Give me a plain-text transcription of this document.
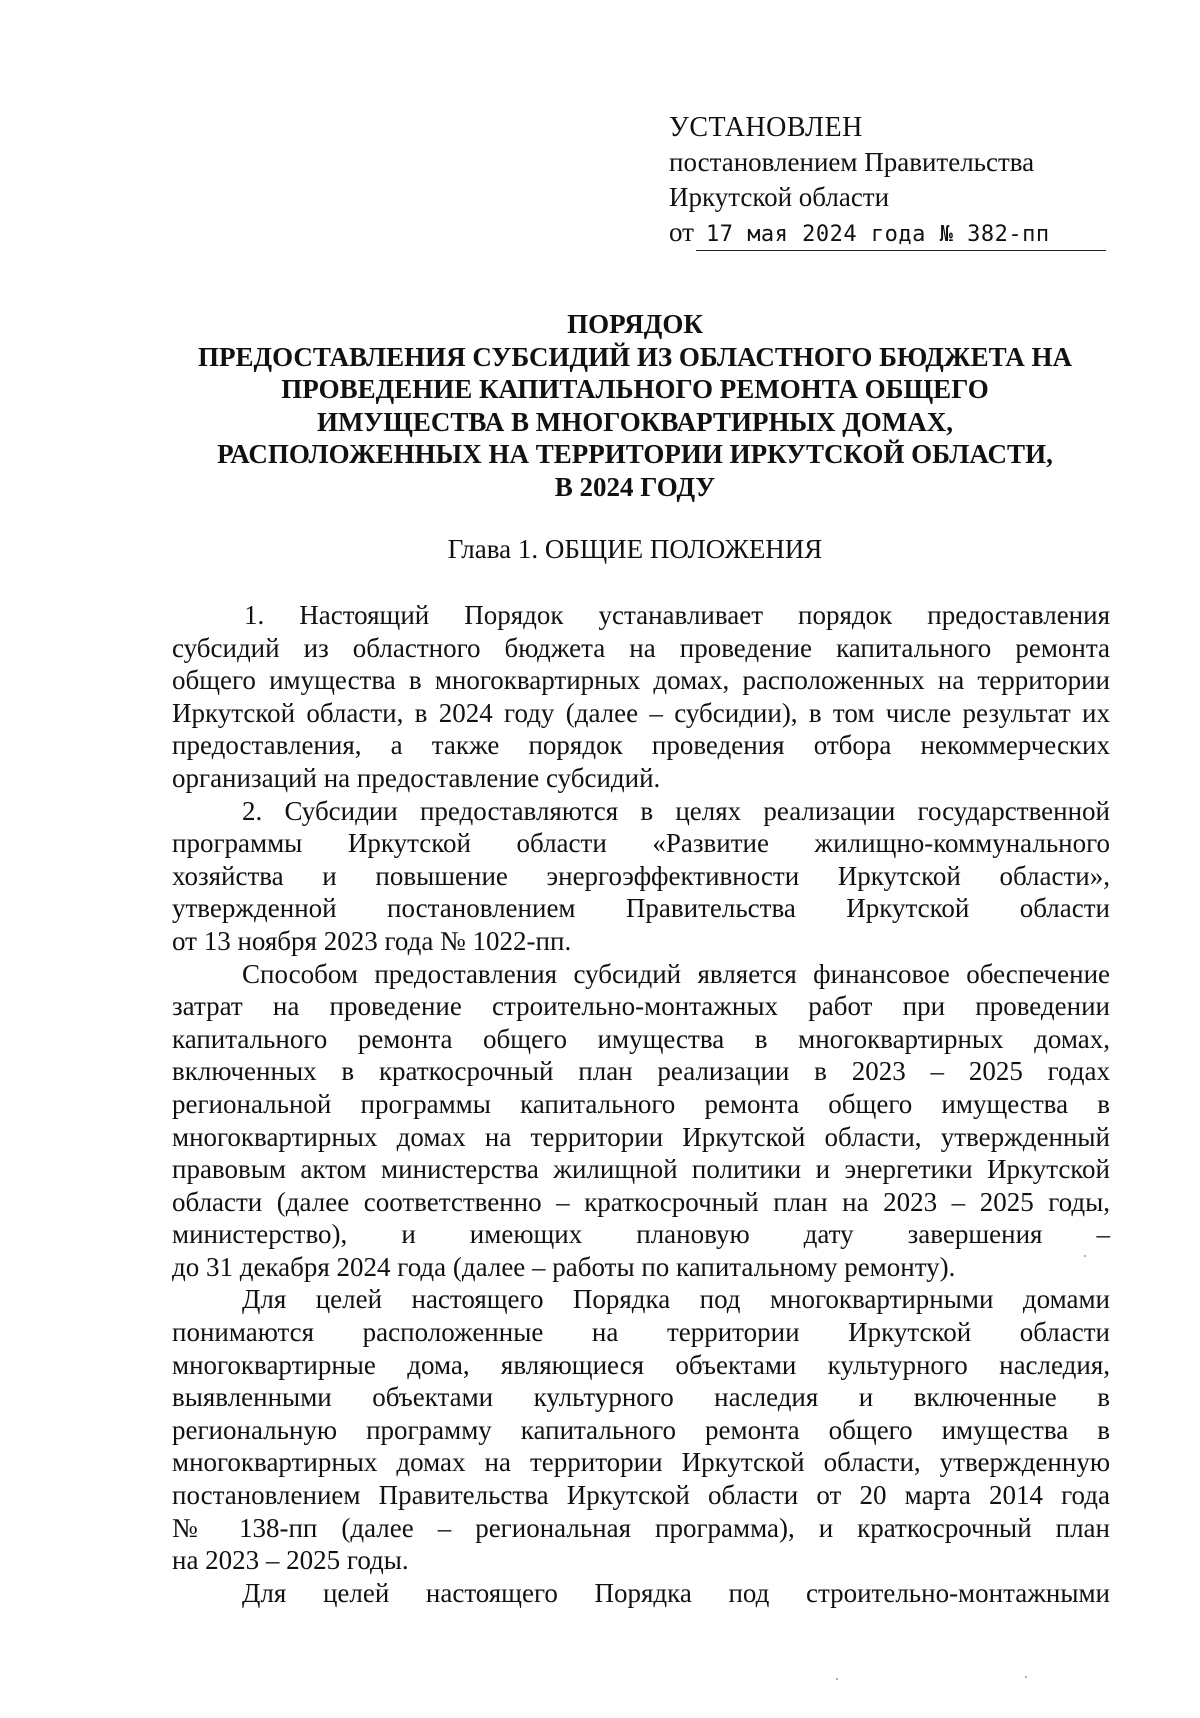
УСТАНОВЛЕН
постановлением Правительства
Иркутской области
от 17 мая 2024 года № 382-пп
ПОРЯДОК
ПРЕДОСТАВЛЕНИЯ СУБСИДИЙ ИЗ ОБЛАСТНОГО БЮДЖЕТА НА
ПРОВЕДЕНИЕ КАПИТАЛЬНОГО РЕМОНТА ОБЩЕГО
ИМУЩЕСТВА В МНОГОКВАРТИРНЫХ ДОМАХ,
РАСПОЛОЖЕННЫХ НА ТЕРРИТОРИИ ИРКУТСКОЙ ОБЛАСТИ,
В 2024 ГОДУ
Глава 1. ОБЩИЕ ПОЛОЖЕНИЯ
1. Настоящий Порядок устанавливает порядок предоставления
субсидий из областного бюджета на проведение капитального ремонта
общего имущества в многоквартирных домах, расположенных на территории
Иркутской области, в 2024 году (далее – субсидии), в том числе результат их
предоставления, а также порядок проведения отбора некоммерческих
организаций на предоставление субсидий.
2. Субсидии предоставляются в целях реализации государственной
программы Иркутской области «Развитие жилищно-коммунального
хозяйства и повышение энергоэффективности Иркутской области»,
утвержденной постановлением Правительства Иркутской области
от 13 ноября 2023 года № 1022-пп.
Способом предоставления субсидий является финансовое обеспечение
затрат на проведение строительно-монтажных работ при проведении
капитального ремонта общего имущества в многоквартирных домах,
включенных в краткосрочный план реализации в 2023 – 2025 годах
региональной программы капитального ремонта общего имущества в
многоквартирных домах на территории Иркутской области, утвержденный
правовым актом министерства жилищной политики и энергетики Иркутской
области (далее соответственно – краткосрочный план на 2023 – 2025 годы,
министерство), и имеющих плановую дату завершения –
до 31 декабря 2024 года (далее – работы по капитальному ремонту).
Для целей настоящего Порядка под многоквартирными домами
понимаются расположенные на территории Иркутской области
многоквартирные дома, являющиеся объектами культурного наследия,
выявленными объектами культурного наследия и включенные в
региональную программу капитального ремонта общего имущества в
многоквартирных домах на территории Иркутской области, утвержденную
постановлением Правительства Иркутской области от 20 марта 2014 года
№ 138-пп (далее – региональная программа), и краткосрочный план
на 2023 – 2025 годы.
Для целей настоящего Порядка под строительно-монтажными
